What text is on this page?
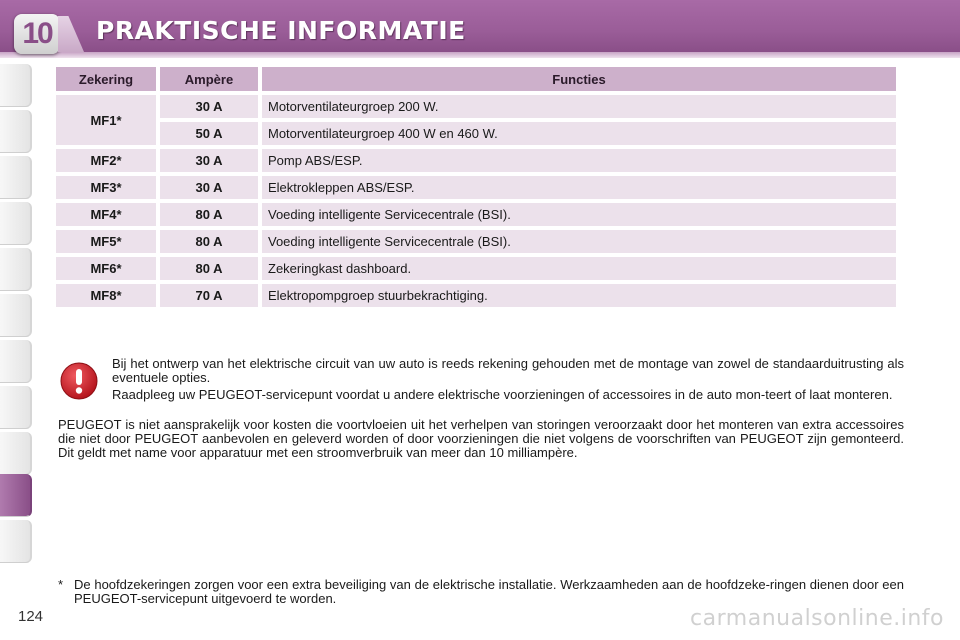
10	PRAKTISCHE INFORMATIE
Zekering	Ampère	Functies
MF1*	30 A	Motorventilateurgroep 200 W.
	50 A	Motorventilateurgroep 400 W en 460 W.
MF2*	30 A	Pomp ABS/ESP.
MF3*	30 A	Elektrokleppen ABS/ESP.
MF4*	80 A	Voeding intelligente Servicecentrale (BSI).
MF5*	80 A	Voeding intelligente Servicecentrale (BSI).
MF6*	80 A	Zekeringkast dashboard.
MF8*	70 A	Elektropompgroep stuurbekrachtiging.

Bij het ontwerp van het elektrische circuit van uw auto is reeds rekening gehouden met de montage van zowel de standaarduitrusting als eventuele opties.

Raadpleeg uw PEUGEOT-servicepunt voordat u andere elektrische voorzieningen of accessoires in de auto mon-teert of laat monteren.

PEUGEOT is niet aansprakelijk voor kosten die voortvloeien uit het verhelpen van storingen veroorzaakt door het monteren van extra accessoires die niet door PEUGEOT aanbevolen en geleverd worden of door voorzieningen die niet volgens de voorschriften van PEUGEOT zijn gemonteerd. Dit geldt met name voor apparatuur met een stroomverbruik van meer dan 10 milliampère.

* De hoofdzekeringen zorgen voor een extra beveiliging van de elektrische installatie. Werkzaamheden aan de hoofdzeke-ringen dienen door een PEUGEOT-servicepunt uitgevoerd te worden.
124	carmanualsonline.info
